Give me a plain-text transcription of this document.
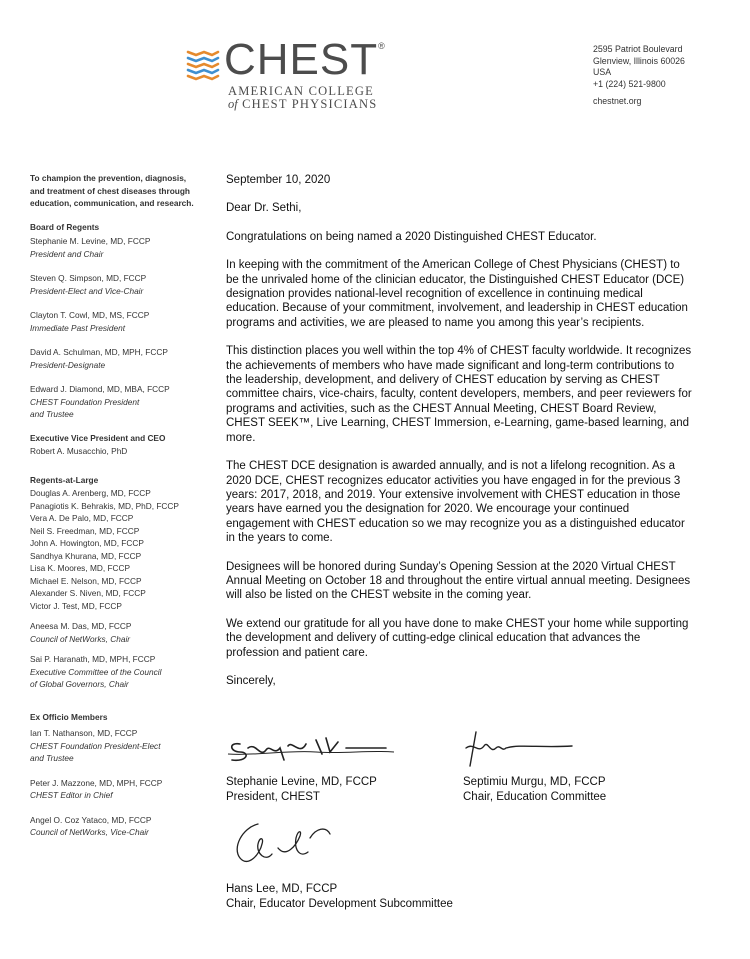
CHEST®
AMERICAN COLLEGE
of CHEST PHYSICIANS
2595 Patriot Boulevard
Glenview, Illinois 60026
USA
+1 (224) 521-9800
chestnet.org
To champion the prevention, diagnosis, and treatment of chest diseases through education, communication, and research.
Board of Regents
Stephanie M. Levine, MD, FCCP
President and Chair
Steven Q. Simpson, MD, FCCP
President-Elect and Vice-Chair
Clayton T. Cowl, MD, MS, FCCP
Immediate Past President
David A. Schulman, MD, MPH, FCCP
President-Designate
Edward J. Diamond, MD, MBA, FCCP
CHEST Foundation President
and Trustee
Executive Vice President and CEO
Robert A. Musacchio, PhD
Regents-at-Large
Douglas A. Arenberg, MD, FCCP
Panagiotis K. Behrakis, MD, PhD, FCCP
Vera A. De Palo, MD, FCCP
Neil S. Freedman, MD, FCCP
John A. Howington, MD, FCCP
Sandhya Khurana, MD, FCCP
Lisa K. Moores, MD, FCCP
Michael E. Nelson, MD, FCCP
Alexander S. Niven, MD, FCCP
Victor J. Test, MD, FCCP
Aneesa M. Das, MD, FCCP
Council of NetWorks, Chair
Sai P. Haranath, MD, MPH, FCCP
Executive Committee of the Council
of Global Governors, Chair
Ex Officio Members
Ian T. Nathanson, MD, FCCP
CHEST Foundation President-Elect
and Trustee
Peter J. Mazzone, MD, MPH, FCCP
CHEST Editor in Chief
Angel O. Coz Yataco, MD, FCCP
Council of NetWorks, Vice-Chair

September 10, 2020

Dear Dr. Sethi,

Congratulations on being named a 2020 Distinguished CHEST Educator.

In keeping with the commitment of the American College of Chest Physicians (CHEST) to be the unrivaled home of the clinician educator, the Distinguished CHEST Educator (DCE) designation provides national-level recognition of excellence in continuing medical education. Because of your commitment, involvement, and leadership in CHEST education programs and activities, we are pleased to name you among this year’s recipients.

This distinction places you well within the top 4% of CHEST faculty worldwide. It recognizes the achievements of members who have made significant and long-term contributions to the leadership, development, and delivery of CHEST education by serving as CHEST committee chairs, vice-chairs, faculty, content developers, members, and peer reviewers for programs and activities, such as the CHEST Annual Meeting, CHEST Board Review, CHEST SEEK™, Live Learning, CHEST Immersion, e-Learning, game-based learning, and more.

The CHEST DCE designation is awarded annually, and is not a lifelong recognition. As a 2020 DCE, CHEST recognizes educator activities you have engaged in for the previous 3 years: 2017, 2018, and 2019. Your extensive involvement with CHEST education in those years have earned you the designation for 2020. We encourage your continued engagement with CHEST education so we may recognize you as a distinguished educator in the years to come.

Designees will be honored during Sunday’s Opening Session at the 2020 Virtual CHEST Annual Meeting on October 18 and throughout the entire virtual annual meeting. Designees will also be listed on the CHEST website in the coming year.

We extend our gratitude for all you have done to make CHEST your home while supporting the development and delivery of cutting-edge clinical education that advances the profession and patient care.

Sincerely,

Stephanie Levine, MD, FCCP
President, CHEST
Septimiu Murgu, MD, FCCP
Chair, Education Committee
Hans Lee, MD, FCCP
Chair, Educator Development Subcommittee
